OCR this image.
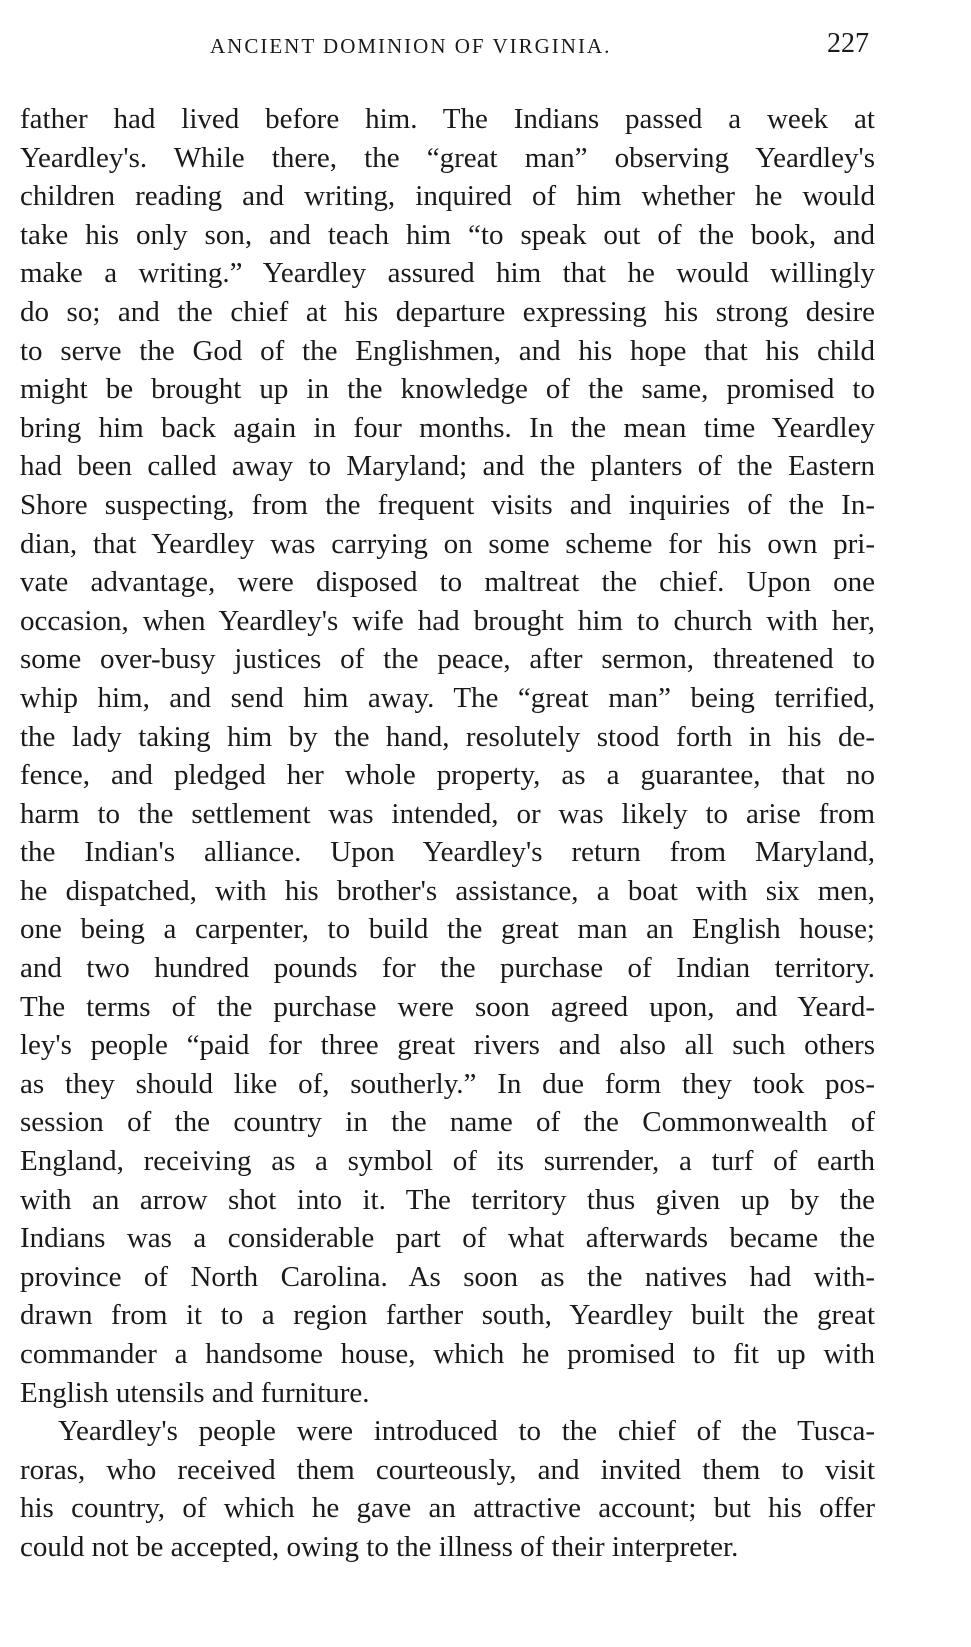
ANCIENT DOMINION OF VIRGINIA.	227
father had lived before him. The Indians passed a week at
Yeardley's. While there, the “great man” observing Yeardley's
children reading and writing, inquired of him whether he would
take his only son, and teach him “to speak out of the book, and
make a writing.” Yeardley assured him that he would willingly
do so; and the chief at his departure expressing his strong desire
to serve the God of the Englishmen, and his hope that his child
might be brought up in the knowledge of the same, promised to
bring him back again in four months. In the mean time Yeardley
had been called away to Maryland; and the planters of the Eastern
Shore suspecting, from the frequent visits and inquiries of the In-
dian, that Yeardley was carrying on some scheme for his own pri-
vate advantage, were disposed to maltreat the chief. Upon one
occasion, when Yeardley's wife had brought him to church with her,
some over-busy justices of the peace, after sermon, threatened to
whip him, and send him away. The “great man” being terrified,
the lady taking him by the hand, resolutely stood forth in his de-
fence, and pledged her whole property, as a guarantee, that no
harm to the settlement was intended, or was likely to arise from
the Indian's alliance. Upon Yeardley's return from Maryland,
he dispatched, with his brother's assistance, a boat with six men,
one being a carpenter, to build the great man an English house;
and two hundred pounds for the purchase of Indian territory.
The terms of the purchase were soon agreed upon, and Yeard-
ley's people “paid for three great rivers and also all such others
as they should like of, southerly.” In due form they took pos-
session of the country in the name of the Commonwealth of
England, receiving as a symbol of its surrender, a turf of earth
with an arrow shot into it. The territory thus given up by the
Indians was a considerable part of what afterwards became the
province of North Carolina. As soon as the natives had with-
drawn from it to a region farther south, Yeardley built the great
commander a handsome house, which he promised to fit up with
English utensils and furniture.
Yeardley's people were introduced to the chief of the Tusca-
roras, who received them courteously, and invited them to visit
his country, of which he gave an attractive account; but his offer
could not be accepted, owing to the illness of their interpreter.
